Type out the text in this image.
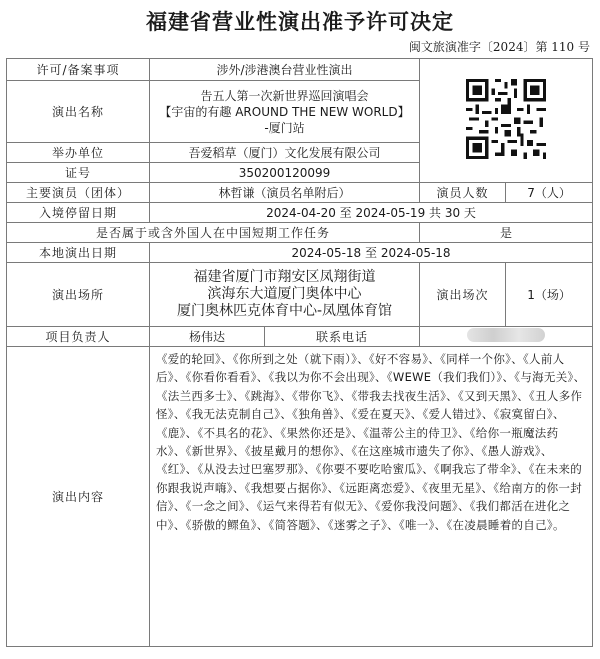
福建省营业性演出准予许可决定
闽文旅演准字〔2024〕第 110 号
许可/备案事项	涉外/涉港澳台营业性演出	
演出名称	告五人第一次新世界巡回演唱会
【宇宙的有趣 AROUND THE NEW WORLD】
-厦门站			

举办单位	吾爱稻草（厦门）文化发展有限公司			
证号	350200120099			
主要演员（团体）	林哲谦（演员名单附后）		演员人数	7（人）
入境停留日期	2024-04-20 至 2024-05-19 共 30 天			
是否属于或含外国人在中国短期工作任务			是	
本地演出日期	2024-05-18 至 2024-05-18			
演出场所	福建省厦门市翔安区凤翔街道
滨海东大道厦门奥体中心
厦门奥林匹克体育中心-凤凰体育馆		演出场次	1（场）
项目负责人	杨伟达	联系电话		
演出内容	《爱的轮回》、《你所到之处（就下雨）》、《好不容易》、《同样一个你》、《人前人后》、《你看你看看》、《我以为你不会出现》、《WEWE（我们我们）》、《与海无关》、《法兰西多士》、《跳海》、《带你飞》、《带我去找夜生活》、《又到天黑》、《丑人多作怪》、《我无法克制自己》、《独角兽》、《爱在夏天》、《爱人错过》、《寂寞留白》、《鹿》、《不具名的花》、《果然你还是》、《温蒂公主的侍卫》、《给你一瓶魔法药水》、《新世界》、《披星戴月的想你》、《在这座城市遗失了你》、《愚人游戏》、《红》、《从没去过巴塞罗那》、《你要不要吃哈蜜瓜》、《啊我忘了带伞》、《在未来的你跟我说声嗨》、《我想要占据你》、《远距离恋爱》、《夜里无星》、《给南方的你一封信》、《一念之间》、《运气来得若有似无》、《爱你我没问题》、《我们都活在进化之中》、《骄傲的鳏鱼》、《简答题》、《迷雾之子》、《唯一》、《在凌晨睡着的自己》。			
